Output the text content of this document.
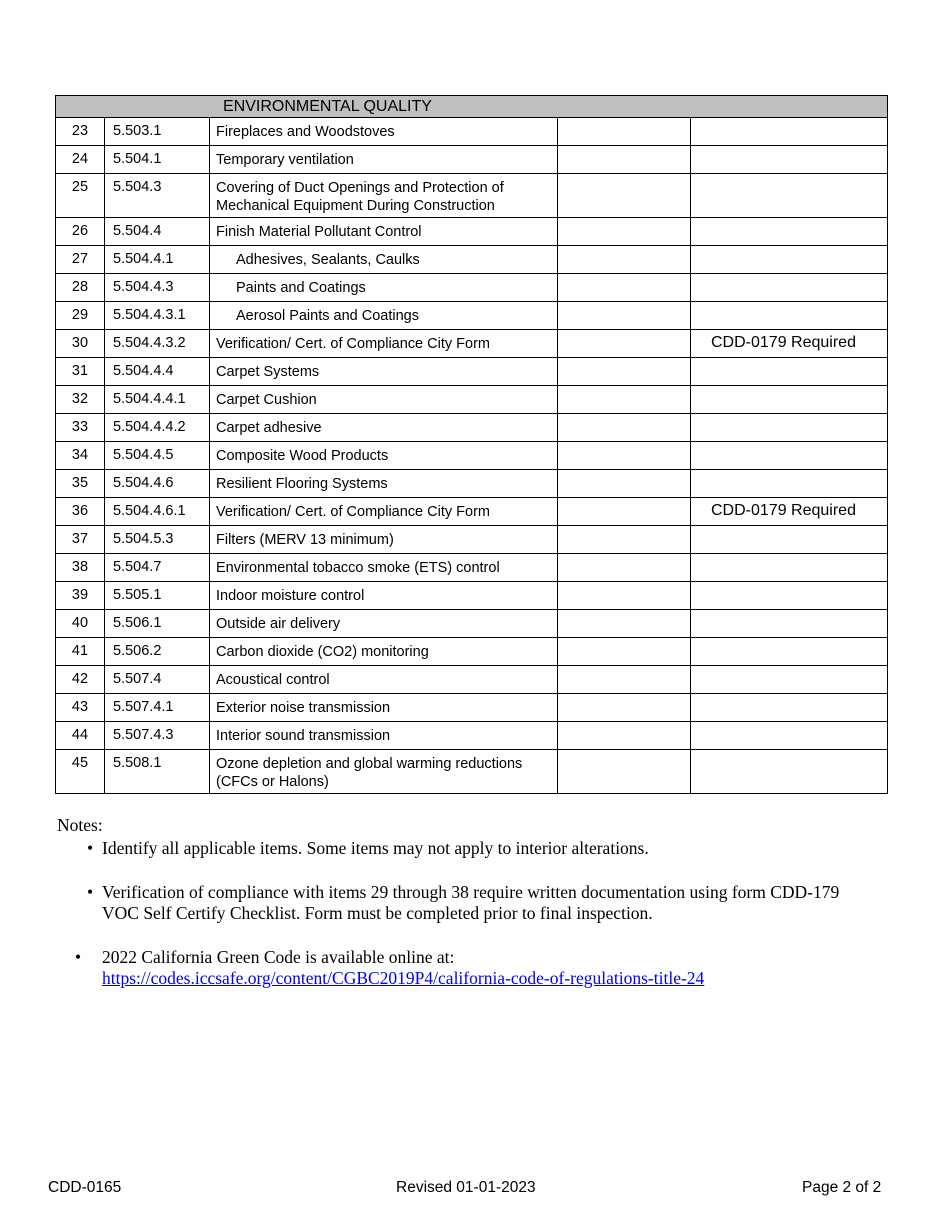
ENVIRONMENTAL QUALITY				
23	5.503.1	Fireplaces and Woodstoves		
24	5.504.1	Temporary ventilation		
25	5.504.3	Covering of Duct Openings and Protection of Mechanical Equipment During Construction		
26	5.504.4	Finish Material Pollutant Control		
27	5.504.4.1	Adhesives, Sealants, Caulks		
28	5.504.4.3	Paints and Coatings		
29	5.504.4.3.1	Aerosol Paints and Coatings		
30	5.504.4.3.2	Verification/ Cert. of Compliance City Form		CDD-0179 Required
31	5.504.4.4	Carpet Systems		
32	5.504.4.4.1	Carpet Cushion		
33	5.504.4.4.2	Carpet adhesive		
34	5.504.4.5	Composite Wood Products		
35	5.504.4.6	Resilient Flooring Systems		
36	5.504.4.6.1	Verification/ Cert. of Compliance City Form		CDD-0179 Required
37	5.504.5.3	Filters (MERV 13 minimum)		
38	5.504.7	Environmental tobacco smoke (ETS) control		
39	5.505.1	Indoor moisture control		
40	5.506.1	Outside air delivery		
41	5.506.2	Carbon dioxide (CO2) monitoring		
42	5.507.4	Acoustical control		
43	5.507.4.1	Exterior noise transmission		
44	5.507.4.3	Interior sound transmission		
45	5.508.1	Ozone depletion and global warming reductions (CFCs or Halons)		
Notes:
• Identify all applicable items. Some items may not apply to interior alterations.
• Verification of compliance with items 29 through 38 require written documentation using form CDD-179 VOC Self Certify Checklist. Form must be completed prior to final inspection.
• 2022 California Green Code is available online at:
https://codes.iccsafe.org/content/CGBC2019P4/california-code-of-regulations-title-24
CDD-0165	Revised 01-01-2023	Page 2 of 2
